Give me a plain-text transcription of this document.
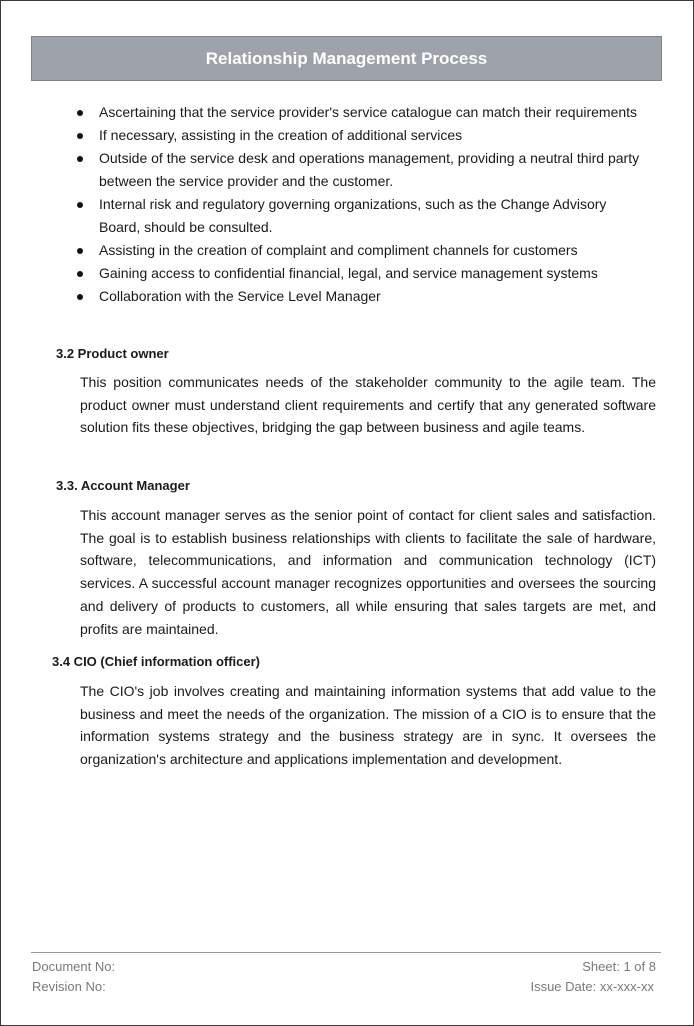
Relationship Management Process
Ascertaining that the service provider's service catalogue can match their requirements
If necessary, assisting in the creation of additional services
Outside of the service desk and operations management, providing a neutral third party between the service provider and the customer.
Internal risk and regulatory governing organizations, such as the Change Advisory Board, should be consulted.
Assisting in the creation of complaint and compliment channels for customers
Gaining access to confidential financial, legal, and service management systems
Collaboration with the Service Level Manager
3.2 Product owner

This position communicates needs of the stakeholder community to the agile team. The product owner must understand client requirements and certify that any generated software solution fits these objectives, bridging the gap between business and agile teams.

3.3. Account Manager

This account manager serves as the senior point of contact for client sales and satisfaction. The goal is to establish business relationships with clients to facilitate the sale of hardware, software, telecommunications, and information and communication technology (ICT) services. A successful account manager recognizes opportunities and oversees the sourcing and delivery of products to customers, all while ensuring that sales targets are met, and profits are maintained.

3.4 CIO (Chief information officer)

The CIO's job involves creating and maintaining information systems that add value to the business and meet the needs of the organization. The mission of a CIO is to ensure that the information systems strategy and the business strategy are in sync. It oversees the organization's architecture and applications implementation and development.

Document No:
Revision No:
Sheet: 1 of 8
Issue Date: xx-xxx-xx
